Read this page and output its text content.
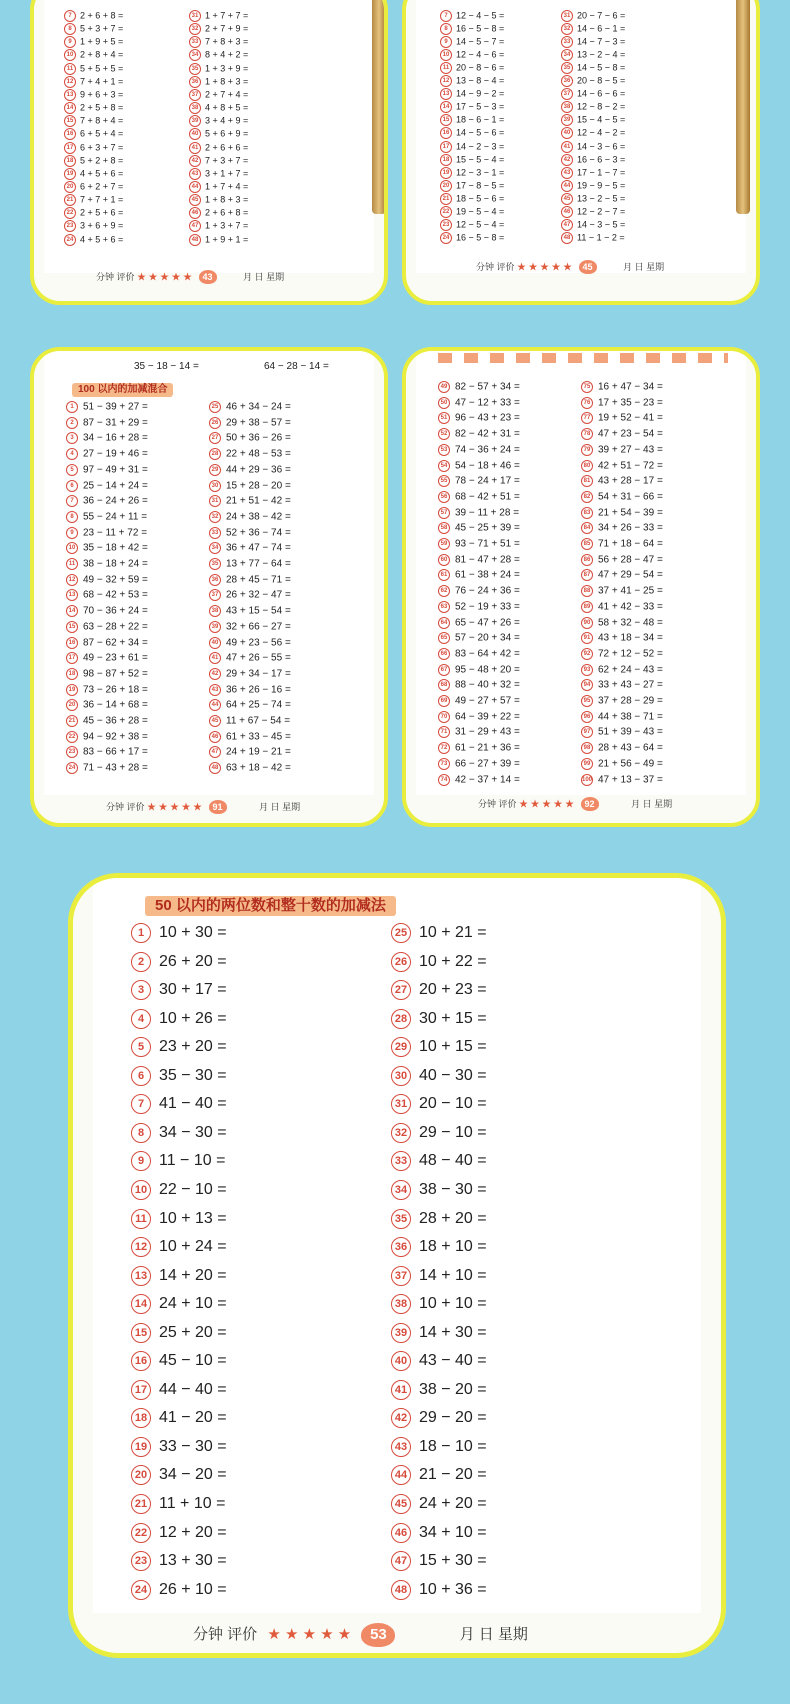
7 2 + 6 + 8 =
8 5 + 3 + 7 =
9 1 + 9 + 5 =
10 2 + 8 + 4 =
11 5 + 5 + 5 =
12 7 + 4 + 1 =
13 9 + 6 + 3 =
14 2 + 5 + 8 =
15 7 + 8 + 4 =
16 6 + 5 + 4 =
17 6 + 3 + 7 =
18 5 + 2 + 8 =
19 4 + 5 + 6 =
20 6 + 2 + 7 =
21 7 + 7 + 1 =
22 2 + 5 + 6 =
23 3 + 6 + 9 =
24 4 + 5 + 6 =
31 1 + 7 + 7 =
32 2 + 7 + 9 =
33 7 + 8 + 3 =
34 8 + 4 + 2 =
35 1 + 3 + 9 =
36 1 + 8 + 3 =
37 2 + 7 + 4 =
38 4 + 8 + 5 =
39 3 + 4 + 9 =
40 5 + 6 + 9 =
41 2 + 6 + 6 =
42 7 + 3 + 7 =
43 3 + 1 + 7 =
44 1 + 7 + 4 =
45 1 + 8 + 3 =
46 2 + 6 + 8 =
47 1 + 3 + 7 =
48 1 + 9 + 1 =
分钟 评价 ★ ★ ★ ★ ★ 43	月 日 星期
7 12 − 4 − 5 =
8 16 − 5 − 8 =
9 14 − 5 − 7 =
10 12 − 4 − 6 =
11 20 − 8 − 6 =
12 13 − 8 − 4 =
13 14 − 9 − 2 =
14 17 − 5 − 3 =
15 18 − 6 − 1 =
16 14 − 5 − 6 =
17 14 − 2 − 3 =
18 15 − 5 − 4 =
19 12 − 3 − 1 =
20 17 − 8 − 5 =
21 18 − 5 − 6 =
22 19 − 5 − 4 =
23 12 − 5 − 4 =
24 16 − 5 − 8 =
31 20 − 7 − 6 =
32 14 − 6 − 1 =
33 14 − 7 − 3 =
34 13 − 2 − 4 =
35 14 − 5 − 8 =
36 20 − 8 − 5 =
37 14 − 6 − 6 =
38 12 − 8 − 2 =
39 15 − 4 − 5 =
40 12 − 4 − 2 =
41 14 − 3 − 6 =
42 16 − 6 − 3 =
43 17 − 1 − 7 =
44 19 − 9 − 5 =
45 13 − 2 − 5 =
46 12 − 2 − 7 =
47 14 − 3 − 5 =
48 11 − 1 − 2 =
分钟 评价 ★ ★ ★ ★ ★ 45	月 日 星期
35 − 18 − 14 =	64 − 28 − 14 =
100 以内的加减混合
1 51 − 39 + 27 =
2 87 − 31 + 29 =
3 34 − 16 + 28 =
4 27 − 19 + 46 =
5 97 − 49 + 31 =
6 25 − 14 + 24 =
7 36 − 24 + 26 =
8 55 − 24 + 11 =
9 23 − 11 + 72 =
10 35 − 18 + 42 =
11 38 − 18 + 24 =
12 49 − 32 + 59 =
13 68 − 42 + 53 =
14 70 − 36 + 24 =
15 63 − 28 + 22 =
16 87 − 62 + 34 =
17 49 − 23 + 61 =
18 98 − 87 + 52 =
19 73 − 26 + 18 =
20 36 − 14 + 68 =
21 45 − 36 + 28 =
22 94 − 92 + 38 =
23 83 − 66 + 17 =
24 71 − 43 + 28 =
25 46 + 34 − 24 =
26 29 + 38 − 57 =
27 50 + 36 − 26 =
28 22 + 48 − 53 =
29 44 + 29 − 36 =
30 15 + 28 − 20 =
31 21 + 51 − 42 =
32 24 + 38 − 42 =
33 52 + 36 − 74 =
34 36 + 47 − 74 =
35 13 + 77 − 64 =
36 28 + 45 − 71 =
37 26 + 32 − 47 =
38 43 + 15 − 54 =
39 32 + 66 − 27 =
40 49 + 23 − 56 =
41 47 + 26 − 55 =
42 29 + 34 − 17 =
43 36 + 26 − 16 =
44 64 + 25 − 74 =
45 11 + 67 − 54 =
46 61 + 33 − 45 =
47 24 + 19 − 21 =
48 63 + 18 − 42 =
分钟 评价 ★ ★ ★ ★ ★ 91	月 日 星期
49 82 − 57 + 34 =
50 47 − 12 + 33 =
51 96 − 43 + 23 =
52 82 − 42 + 31 =
53 74 − 36 + 24 =
54 54 − 18 + 46 =
55 78 − 24 + 17 =
56 68 − 42 + 51 =
57 39 − 11 + 28 =
58 45 − 25 + 39 =
59 93 − 71 + 51 =
60 81 − 47 + 28 =
61 61 − 38 + 24 =
62 76 − 24 + 36 =
63 52 − 19 + 33 =
64 65 − 47 + 26 =
65 57 − 20 + 34 =
66 83 − 64 + 42 =
67 95 − 48 + 20 =
68 88 − 40 + 32 =
69 49 − 27 + 57 =
70 64 − 39 + 22 =
71 31 − 29 + 43 =
72 61 − 21 + 36 =
73 66 − 27 + 39 =
74 42 − 37 + 14 =
75 16 + 47 − 34 =
76 17 + 35 − 23 =
77 19 + 52 − 41 =
78 47 + 23 − 54 =
79 39 + 27 − 43 =
80 42 + 51 − 72 =
81 43 + 28 − 17 =
82 54 + 31 − 66 =
83 21 + 54 − 39 =
84 34 + 26 − 33 =
85 71 + 18 − 64 =
86 56 + 28 − 47 =
87 47 + 29 − 54 =
88 37 + 41 − 25 =
89 41 + 42 − 33 =
90 58 + 32 − 48 =
91 43 + 18 − 34 =
92 72 + 12 − 52 =
93 62 + 24 − 43 =
94 33 + 43 − 27 =
95 37 + 28 − 29 =
96 44 + 38 − 71 =
97 51 + 39 − 43 =
98 28 + 43 − 64 =
99 21 + 56 − 49 =
100 47 + 13 − 37 =
分钟 评价 ★ ★ ★ ★ ★ 92	月 日 星期
50 以内的两位数和整十数的加减法
1 10 + 30 =
2 26 + 20 =
3 30 + 17 =
4 10 + 26 =
5 23 + 20 =
6 35 − 30 =
7 41 − 40 =
8 34 − 30 =
9 11 − 10 =
10 22 − 10 =
11 10 + 13 =
12 10 + 24 =
13 14 + 20 =
14 24 + 10 =
15 25 + 20 =
16 45 − 10 =
17 44 − 40 =
18 41 − 20 =
19 33 − 30 =
20 34 − 20 =
21 11 + 10 =
22 12 + 20 =
23 13 + 30 =
24 26 + 10 =
25 10 + 21 =
26 10 + 22 =
27 20 + 23 =
28 30 + 15 =
29 10 + 15 =
30 40 − 30 =
31 20 − 10 =
32 29 − 10 =
33 48 − 40 =
34 38 − 30 =
35 28 + 20 =
36 18 + 10 =
37 14 + 10 =
38 10 + 10 =
39 14 + 30 =
40 43 − 40 =
41 38 − 20 =
42 29 − 20 =
43 18 − 10 =
44 21 − 20 =
45 24 + 20 =
46 34 + 10 =
47 15 + 30 =
48 10 + 36 =
分钟 评价 ★ ★ ★ ★ ★ 53	月 日 星期
